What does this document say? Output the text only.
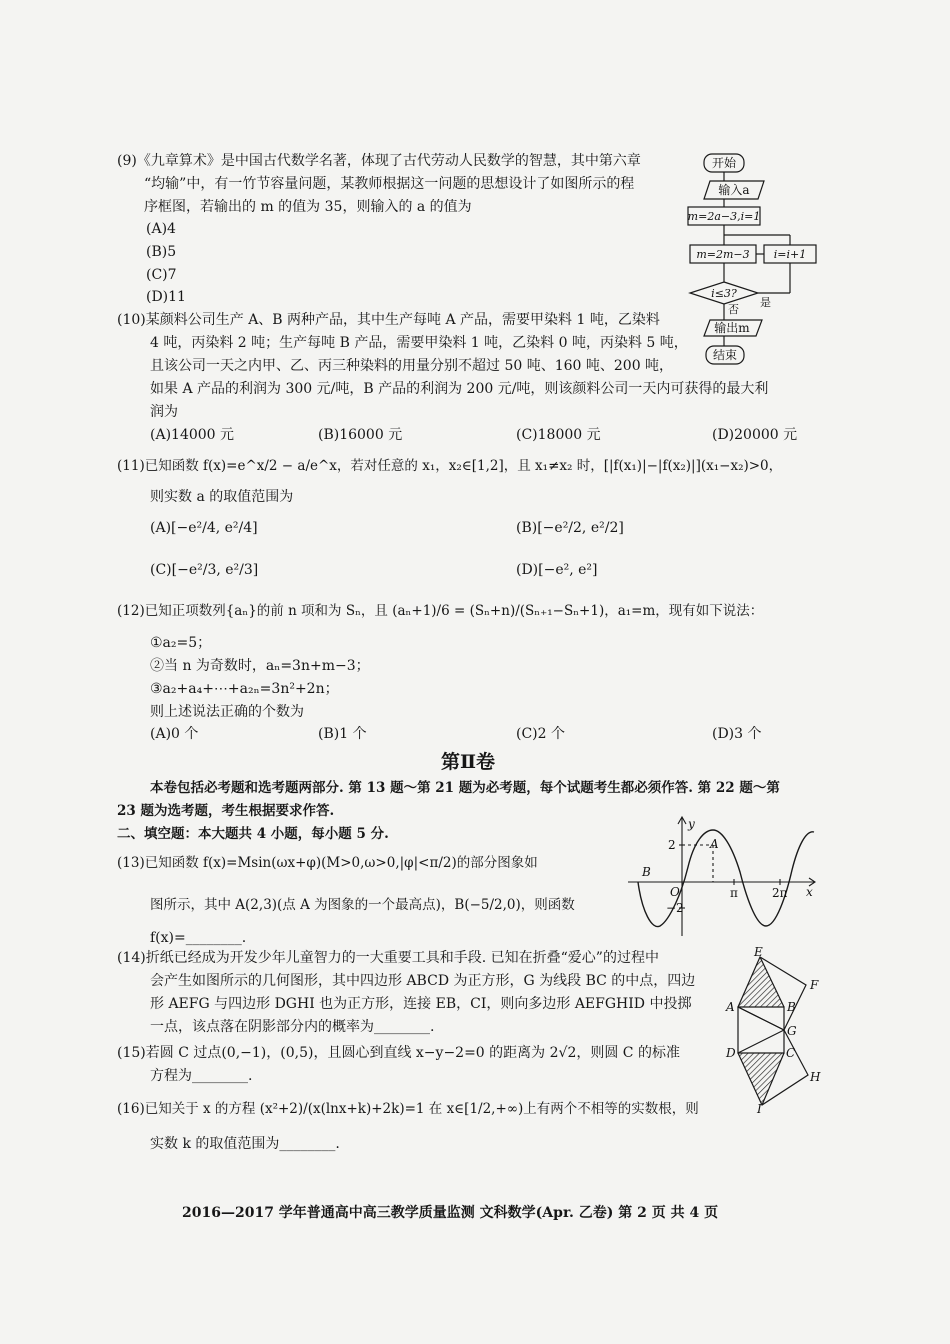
(9)《九章算术》是中国古代数学名著，体现了古代劳动人民数学的智慧，其中第六章
“均输”中，有一竹节容量问题，某教师根据这一问题的思想设计了如图所示的程
序框图，若输出的 m 的值为 35，则输入的 a 的值为
(A)4
(B)5
(C)7
(D)11
开始
输入a
m=2a−3,i=1
m=2m−3 i=i+1
i≤3?
是
否
输出m
结束
(10)某颜料公司生产 A、B 两种产品，其中生产每吨 A 产品，需要甲染料 1 吨，乙染料
4 吨，丙染料 2 吨；生产每吨 B 产品，需要甲染料 1 吨，乙染料 0 吨，丙染料 5 吨，
且该公司一天之内甲、乙、丙三种染料的用量分别不超过 50 吨、160 吨、200 吨，
如果 A 产品的利润为 300 元/吨，B 产品的利润为 200 元/吨，则该颜料公司一天内可获得的最大利
润为
(A)14000 元	(B)16000 元	(C)18000 元	(D)20000 元
(11)已知函数 f(x)=e^x/2 − a/e^x，若对任意的 x₁，x₂∈[1,2]，且 x₁≠x₂ 时，[|f(x₁)|−|f(x₂)|](x₁−x₂)>0，
则实数 a 的取值范围为
(A)[−e²/4, e²/4]	(B)[−e²/2, e²/2]
(C)[−e²/3, e²/3]	(D)[−e², e²]
(12)已知正项数列{aₙ}的前 n 项和为 Sₙ，且 (aₙ+1)/6 = (Sₙ+n)/(Sₙ₊₁−Sₙ+1)，a₁=m，现有如下说法：
①a₂=5；
②当 n 为奇数时，aₙ=3n+m−3；
③a₂+a₄+⋯+a₂ₙ=3n²+2n；
则上述说法正确的个数为
(A)0 个	(B)1 个	(C)2 个	(D)3 个
第Ⅱ卷
本卷包括必考题和选考题两部分. 第 13 题～第 21 题为必考题，每个试题考生都必须作答. 第 22 题～第
23 题为选考题，考生根据要求作答.
二、填空题：本大题共 4 小题，每小题 5 分.
(13)已知函数 f(x)=Msin(ωx+φ)(M>0,ω>0,|φ|<π/2)的部分图象如
图所示，其中 A(2,3)(点 A 为图象的一个最高点)，B(−5/2,0)，则函数
f(x)=________.
y
x
O
A
B
2
−2
π	2π
(14)折纸已经成为开发少年儿童智力的一大重要工具和手段. 已知在折叠“爱心”的过程中
会产生如图所示的几何图形，其中四边形 ABCD 为正方形，G 为线段 BC 的中点，四边
形 AEFG 与四边形 DGHI 也为正方形，连接 EB，CI，则向多边形 AEFGHID 中投掷
一点，该点落在阴影部分内的概率为________.
E
F
A	B
G
D	C
H
I
(15)若圆 C 过点(0,−1)，(0,5)，且圆心到直线 x−y−2=0 的距离为 2√2，则圆 C 的标准
方程为________.
(16)已知关于 x 的方程 (x²+2)/(x(lnx+k)+2k)=1 在 x∈[1/2,+∞)上有两个不相等的实数根，则
实数 k 的取值范围为________.
2016—2017 学年普通高中高三教学质量监测 文科数学(Apr. 乙卷) 第 2 页 共 4 页
